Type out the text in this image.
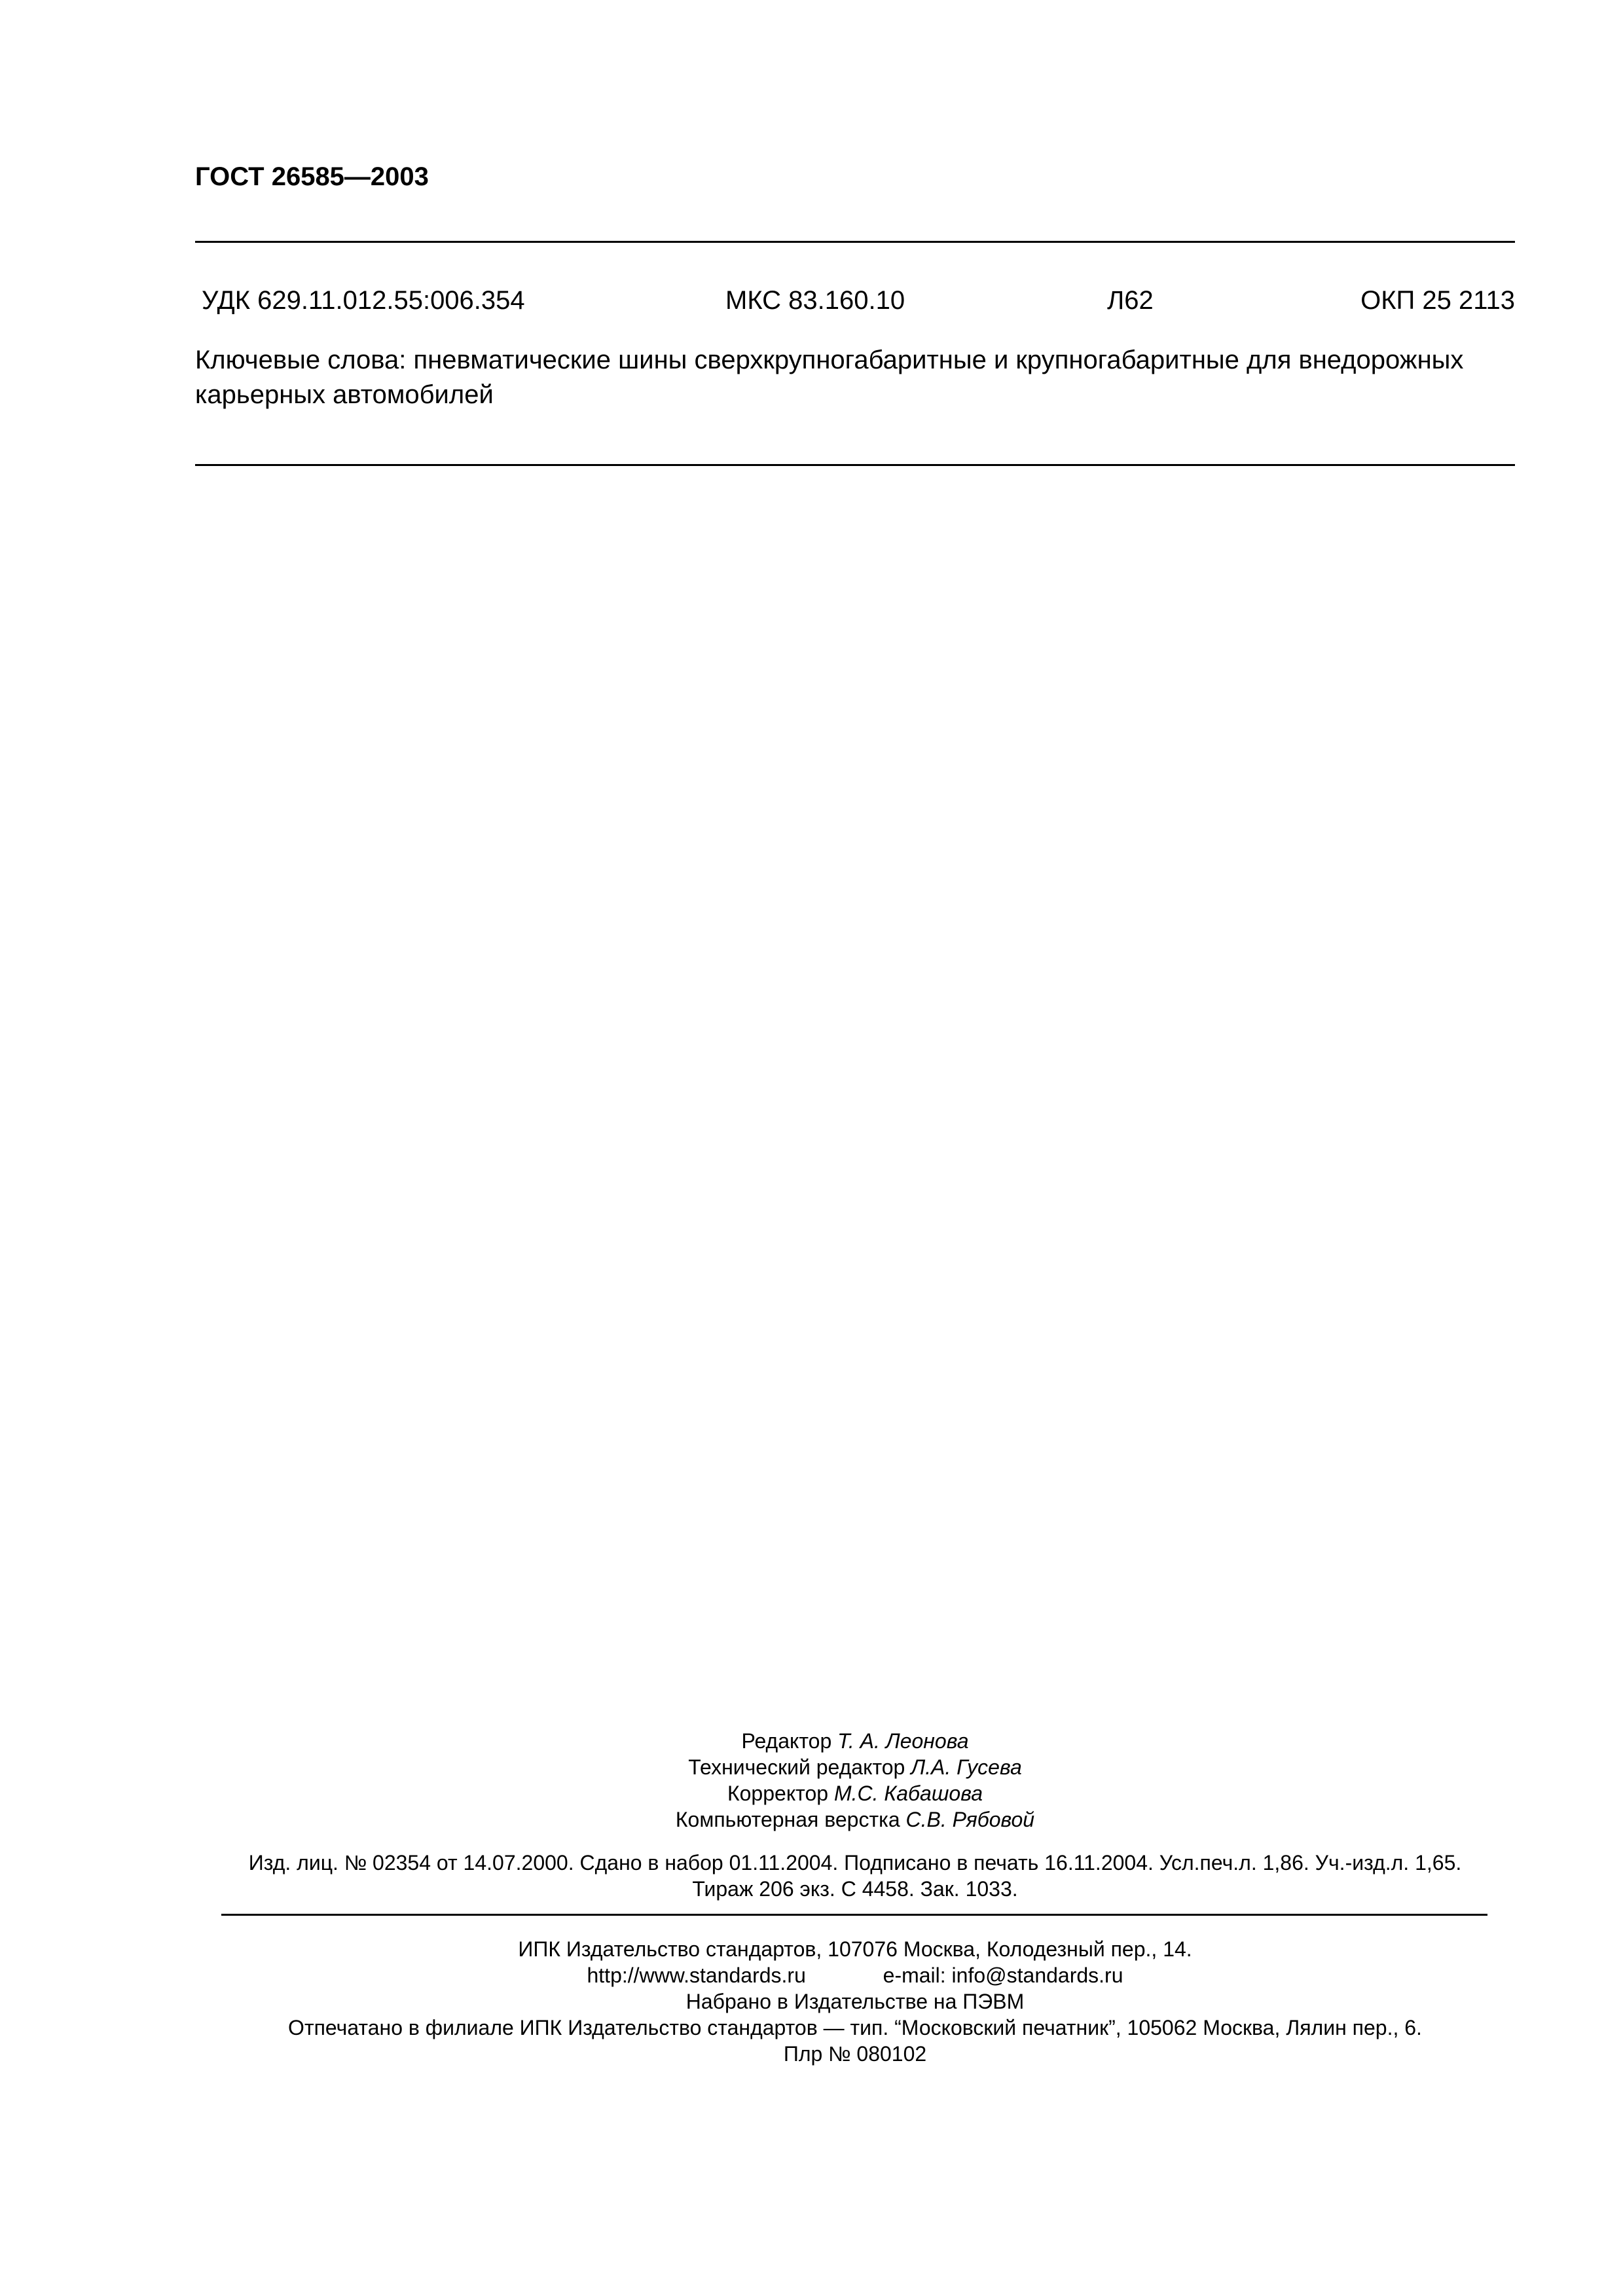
ГОСТ 26585—2003
УДК 629.11.012.55:006.354	МКС 83.160.10	Л62	ОКП 25 2113
Ключевые слова: пневматические шины сверхкрупногабаритные и крупногабаритные для внедорожных карьерных автомобилей
Редактор Т. А. Леонова
Технический редактор Л.А. Гусева
Корректор М.С. Кабашова
Компьютерная верстка С.В. Рябовой
Изд. лиц. № 02354 от 14.07.2000. Сдано в набор 01.11.2004. Подписано в печать 16.11.2004. Усл.печ.л. 1,86. Уч.-изд.л. 1,65.
Тираж 206 экз. С 4458. Зак. 1033.
ИПК Издательство стандартов, 107076 Москва, Колодезный пер., 14.
http://www.standards.ru	e-mail: info@standards.ru
Набрано в Издательстве на ПЭВМ
Отпечатано в филиале ИПК Издательство стандартов — тип. “Московский печатник”, 105062 Москва, Лялин пер., 6.
Плр № 080102
